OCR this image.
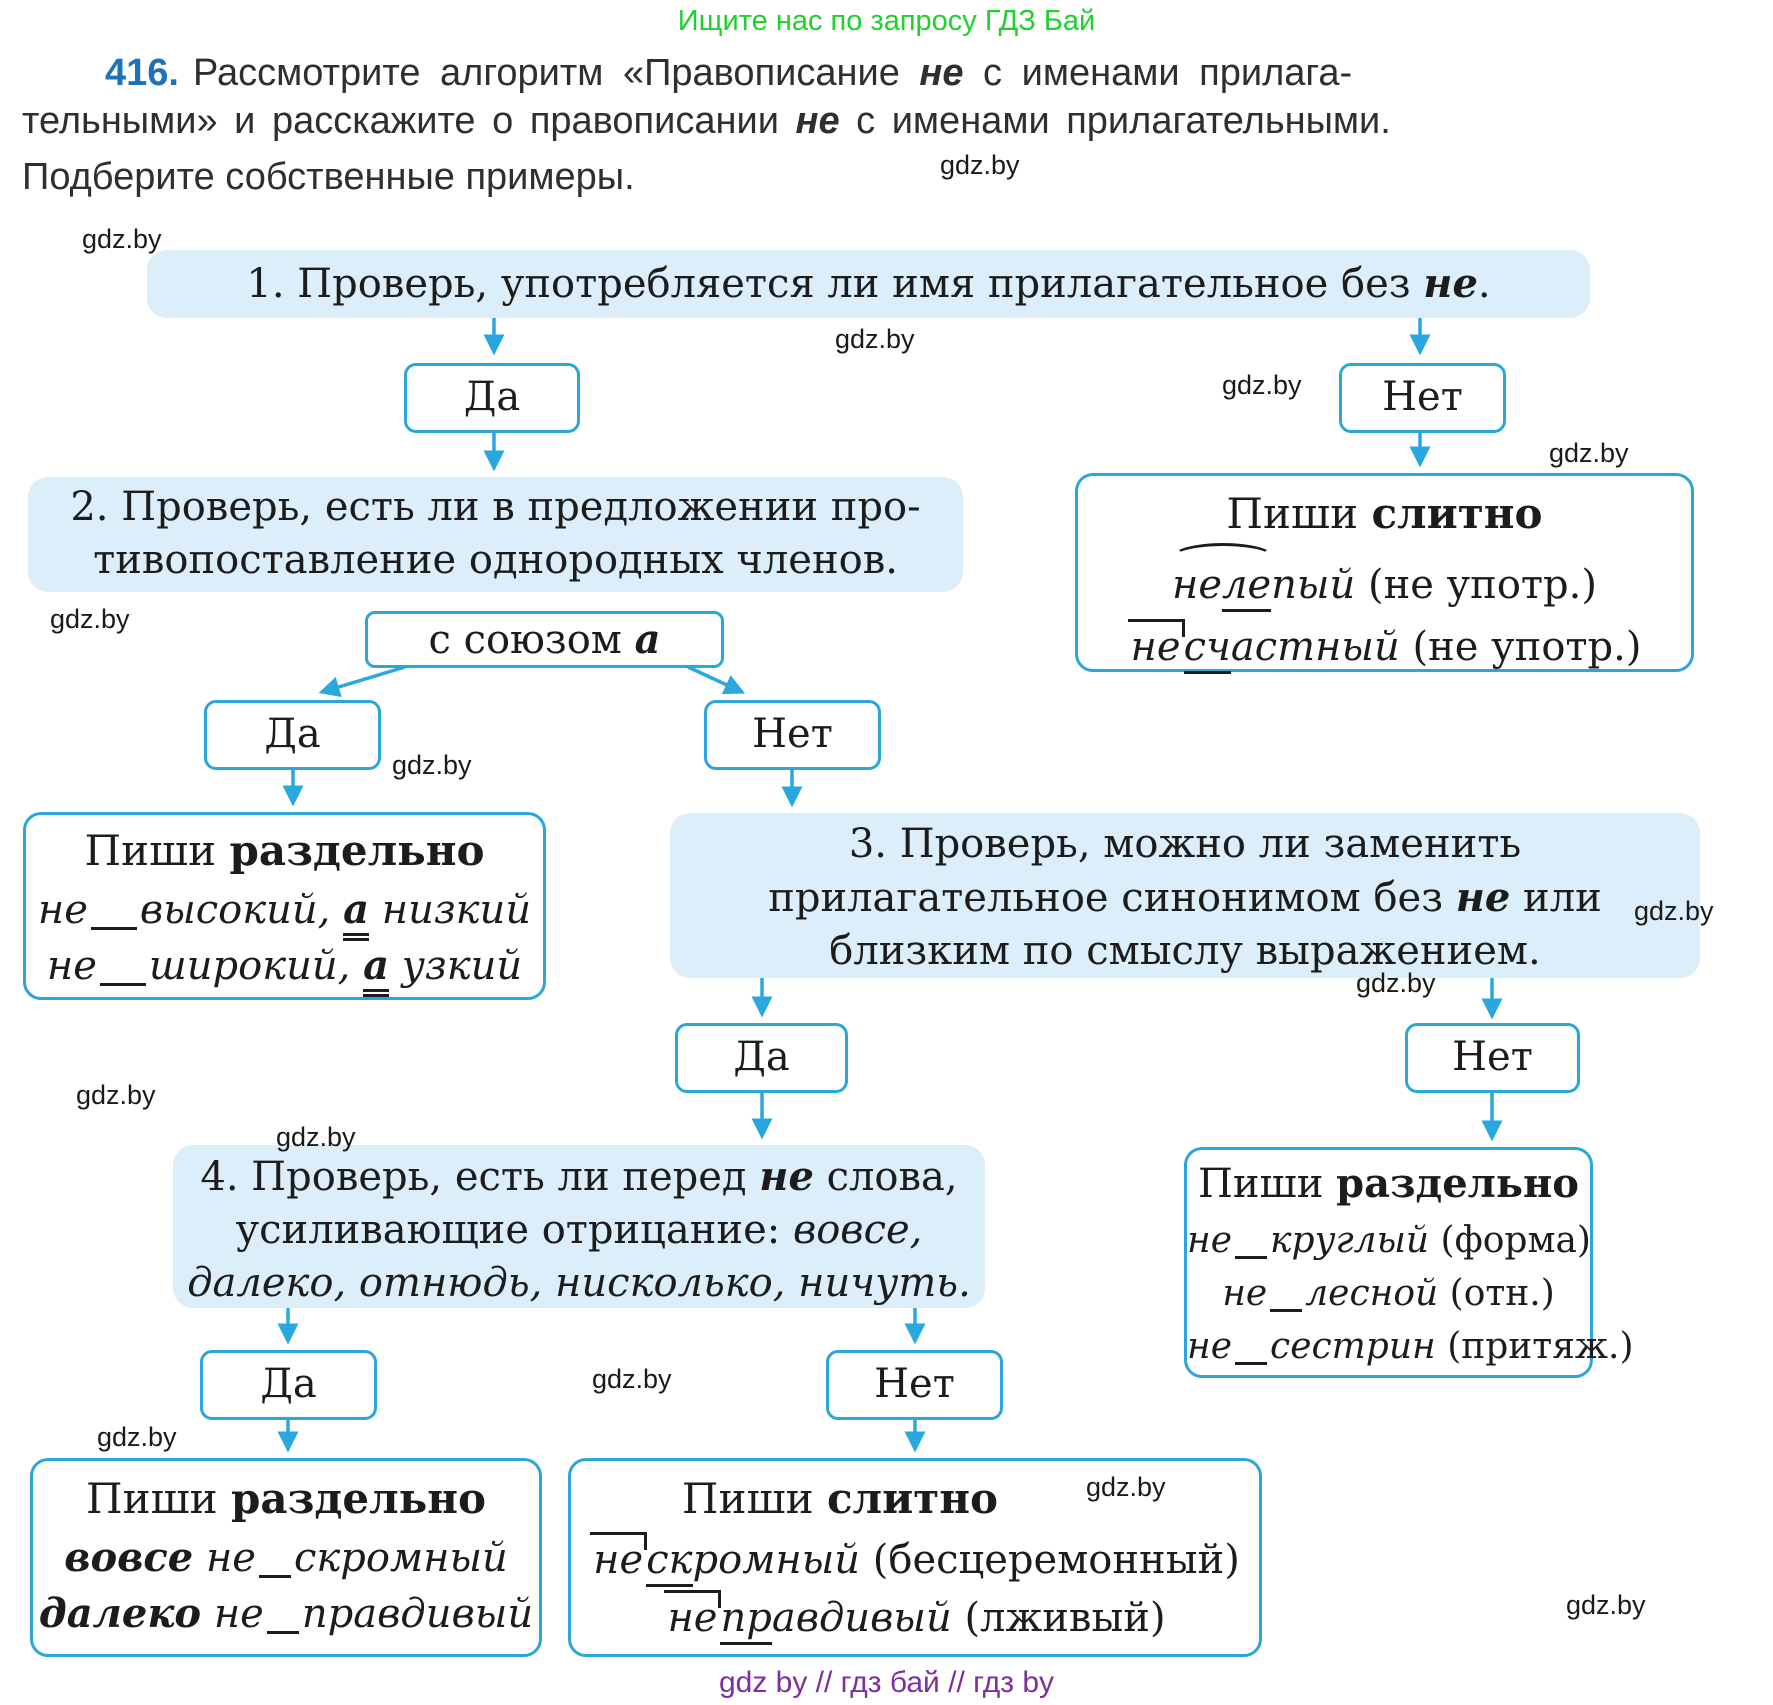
Ищите нас по запросу ГДЗ Бай
416. Рассмотрите алгоритм «Правописание не с именами прилага-
тельными» и расскажите о правописании не с именами прилагательными.
Подберите собственные примеры.
1. Проверь, употребляется ли имя прилагательное без не.
Да	Нет
2. Проверь, есть ли в предложении про-
тивопоставление однородных членов.
Пиши слитно
нелепый (не употр.)
несчастный (не употр.)
с союзом а
Да	Нет
Пиши раздельно
не высокий, а низкий
не широкий, а узкий
3. Проверь, можно ли заменить
прилагательное синонимом без не или
близким по смыслу выражением.
Да	Нет
4. Проверь, есть ли перед не слова,
усиливающие отрицание: вовсе,
далеко, отнюдь, нисколько, ничуть.
Пиши раздельно
не круглый (форма)
не лесной (отн.)
не сестрин (притяж.)
Да	Нет
Пиши раздельно
вовсе не скромный
далеко не правдивый
Пиши слитно
нескромный (бесцеремонный)
неправдивый (лживый)
gdz.by
gdz.by
gdz.by
gdz.by
gdz.by
gdz.by
gdz.by
gdz.by
gdz.by
gdz.by
gdz.by
gdz.by
gdz.by
gdz.by
gdz.by
gdz by // гдз бай // гдз by
